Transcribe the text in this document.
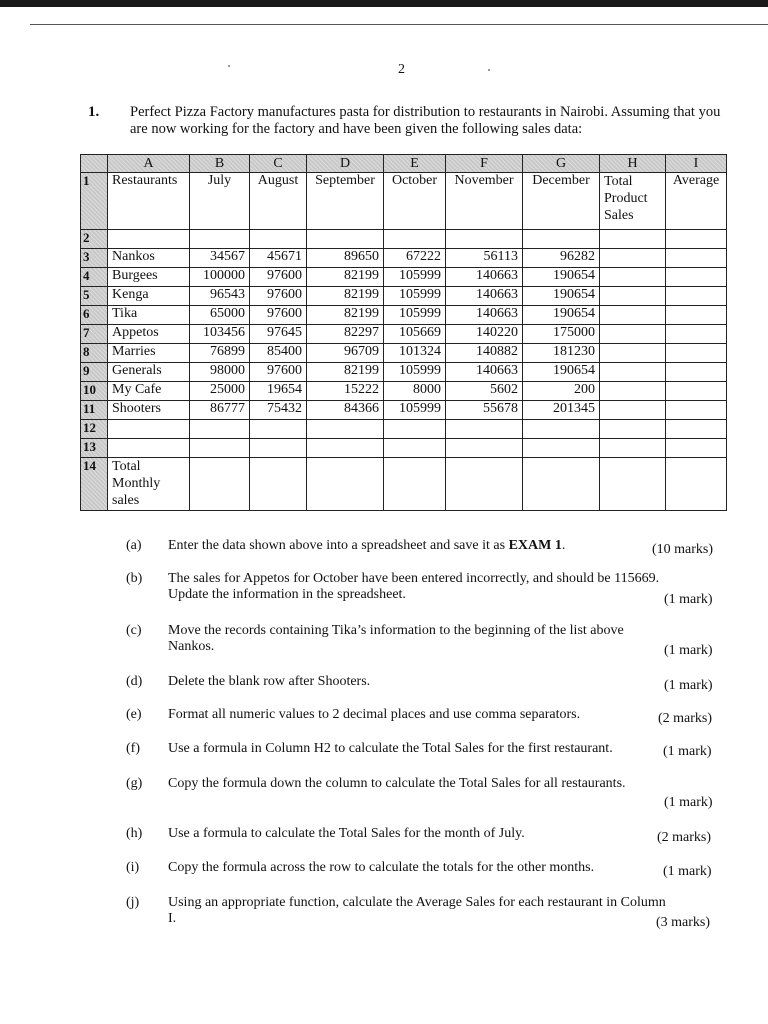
2
1. Perfect Pizza Factory manufactures pasta for distribution to restaurants in Nairobi. Assuming that you are now working for the factory and have been given the following sales data:
	A	B	C	D	E	F	G	H	I
1	Restaurants	July	August	September	October	November	December	Total Product Sales	Average
2									
3	Nankos	34567	45671	89650	67222	56113	96282		
4	Burgees	100000	97600	82199	105999	140663	190654		
5	Kenga	96543	97600	82199	105999	140663	190654		
6	Tika	65000	97600	82199	105999	140663	190654		
7	Appetos	103456	97645	82297	105669	140220	175000		
8	Marries	76899	85400	96709	101324	140882	181230		
9	Generals	98000	97600	82199	105999	140663	190654		
10	My Cafe	25000	19654	15222	8000	5602	200		
11	Shooters	86777	75432	84366	105999	55678	201345		
12									
13									
14	Total Monthly sales								
(a)	Enter the data shown above into a spreadsheet and save it as EXAM 1.	(10 marks)
(b)	The sales for Appetos for October have been entered incorrectly, and should be 115669. Update the information in the spreadsheet.	(1 mark)
(c)	Move the records containing Tika’s information to the beginning of the list above Nankos.	(1 mark)
(d)	Delete the blank row after Shooters.	(1 mark)
(e)	Format all numeric values to 2 decimal places and use comma separators.	(2 marks)
(f)	Use a formula in Column H2 to calculate the Total Sales for the first restaurant.	(1 mark)
(g)	Copy the formula down the column to calculate the Total Sales for all restaurants.
(1 mark)
(h)	Use a formula to calculate the Total Sales for the month of July.	(2 marks)
(i)	Copy the formula across the row to calculate the totals for the other months.	(1 mark)
(j)	Using an appropriate function, calculate the Average Sales for each restaurant in Column I.	(3 marks)
